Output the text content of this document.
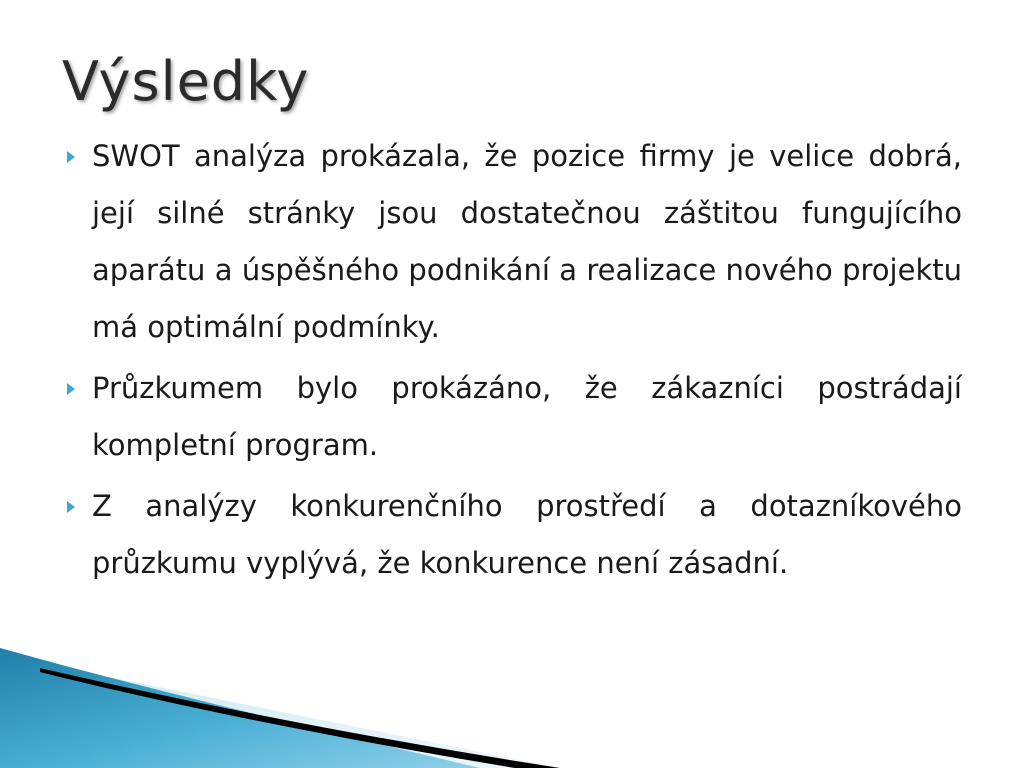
Výsledky
SWOT analýza prokázala, že pozice firmy je velice dobrá, její silné stránky jsou dostatečnou záštitou fungujícího aparátu a úspěšného podnikání a realizace nového projektu má optimální podmínky.
Průzkumem bylo prokázáno, že zákazníci postrádají kompletní program.
Z analýzy konkurenčního prostředí a dotazníkového průzkumu vyplývá, že konkurence není zásadní.
